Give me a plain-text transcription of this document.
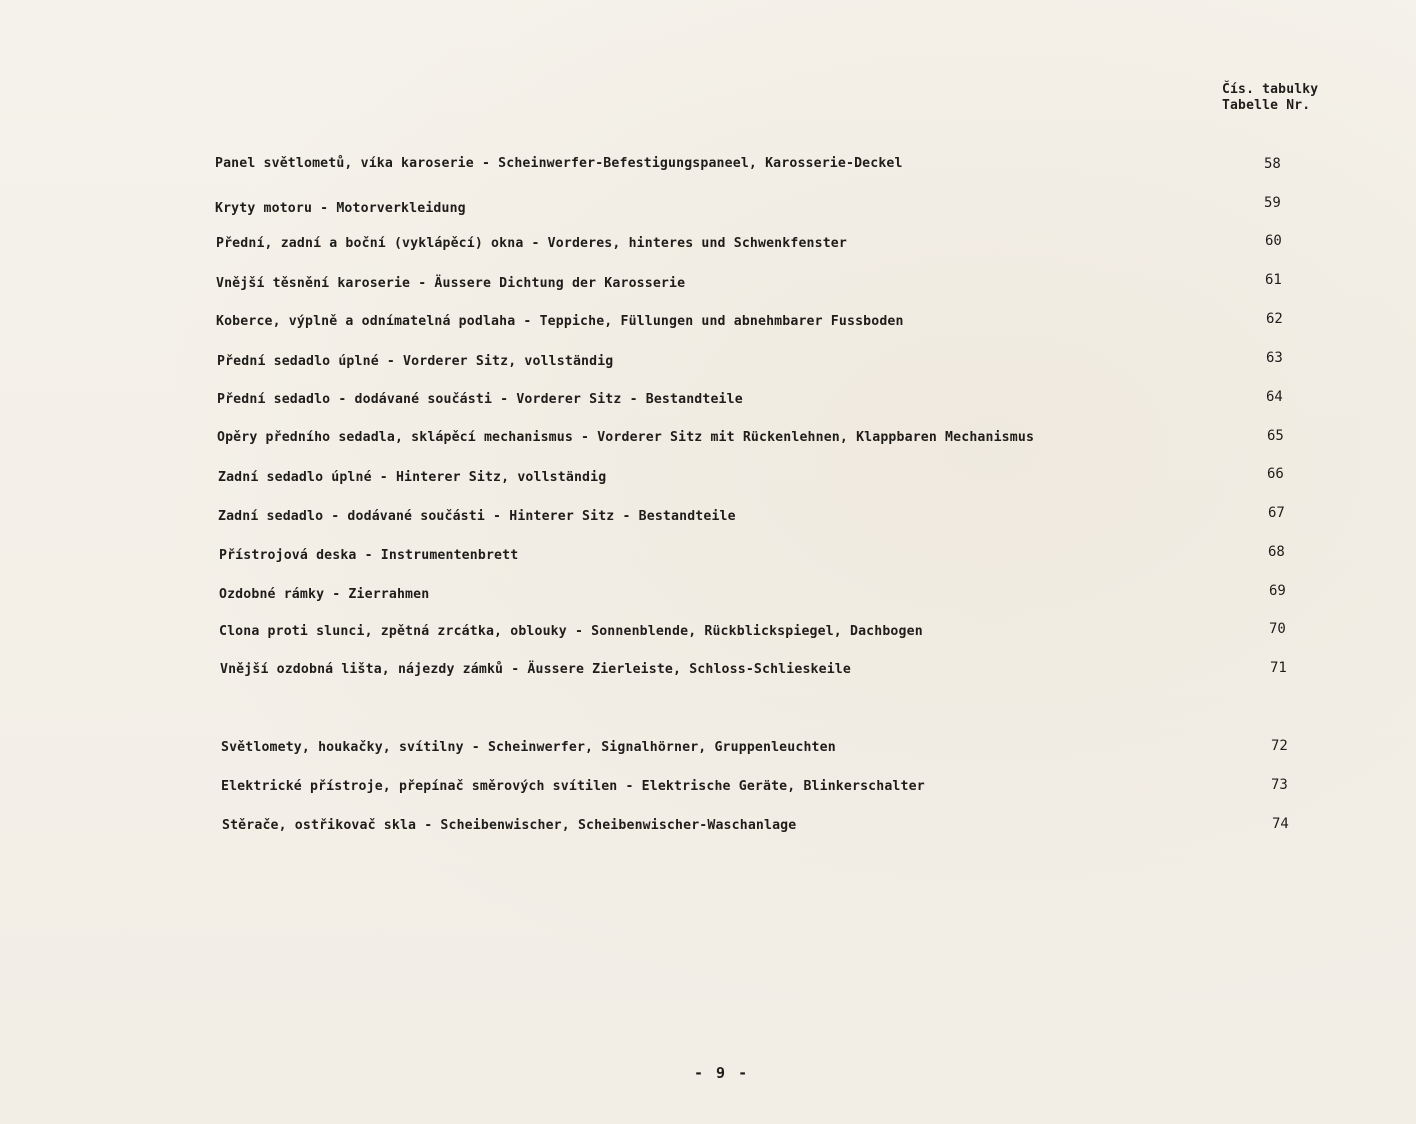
Čís. tabulky
Tabelle Nr.
Panel světlometů, víka karoserie - Scheinwerfer-Befestigungspaneel, Karosserie-Deckel	58
Kryty motoru - Motorverkleidung	59
Přední, zadní a boční (vyklápěcí) okna - Vorderes, hinteres und Schwenkfenster	60
Vnější těsnění karoserie - Äussere Dichtung der Karosserie	61
Koberce, výplně a odnímatelná podlaha - Teppiche, Füllungen und abnehmbarer Fussboden	62
Přední sedadlo úplné - Vorderer Sitz, vollständig	63
Přední sedadlo - dodávané součásti - Vorderer Sitz - Bestandteile	64
Opěry předního sedadla, sklápěcí mechanismus - Vorderer Sitz mit Rückenlehnen, Klappbaren Mechanismus	65
Zadní sedadlo úplné - Hinterer Sitz, vollständig	66
Zadní sedadlo - dodávané součásti - Hinterer Sitz - Bestandteile	67
Přístrojová deska - Instrumentenbrett	68
Ozdobné rámky - Zierrahmen	69
Clona proti slunci, zpětná zrcátka, oblouky - Sonnenblende, Rückblickspiegel, Dachbogen	70
Vnější ozdobná lišta, nájezdy zámků - Äussere Zierleiste, Schloss-Schlieskeile	71
Světlomety, houkačky, svítilny - Scheinwerfer, Signalhörner, Gruppenleuchten	72
Elektrické přístroje, přepínač směrových svítilen - Elektrische Geräte, Blinkerschalter	73
Stěrače, ostřikovač skla - Scheibenwischer, Scheibenwischer-Waschanlage	74
- 9 -
